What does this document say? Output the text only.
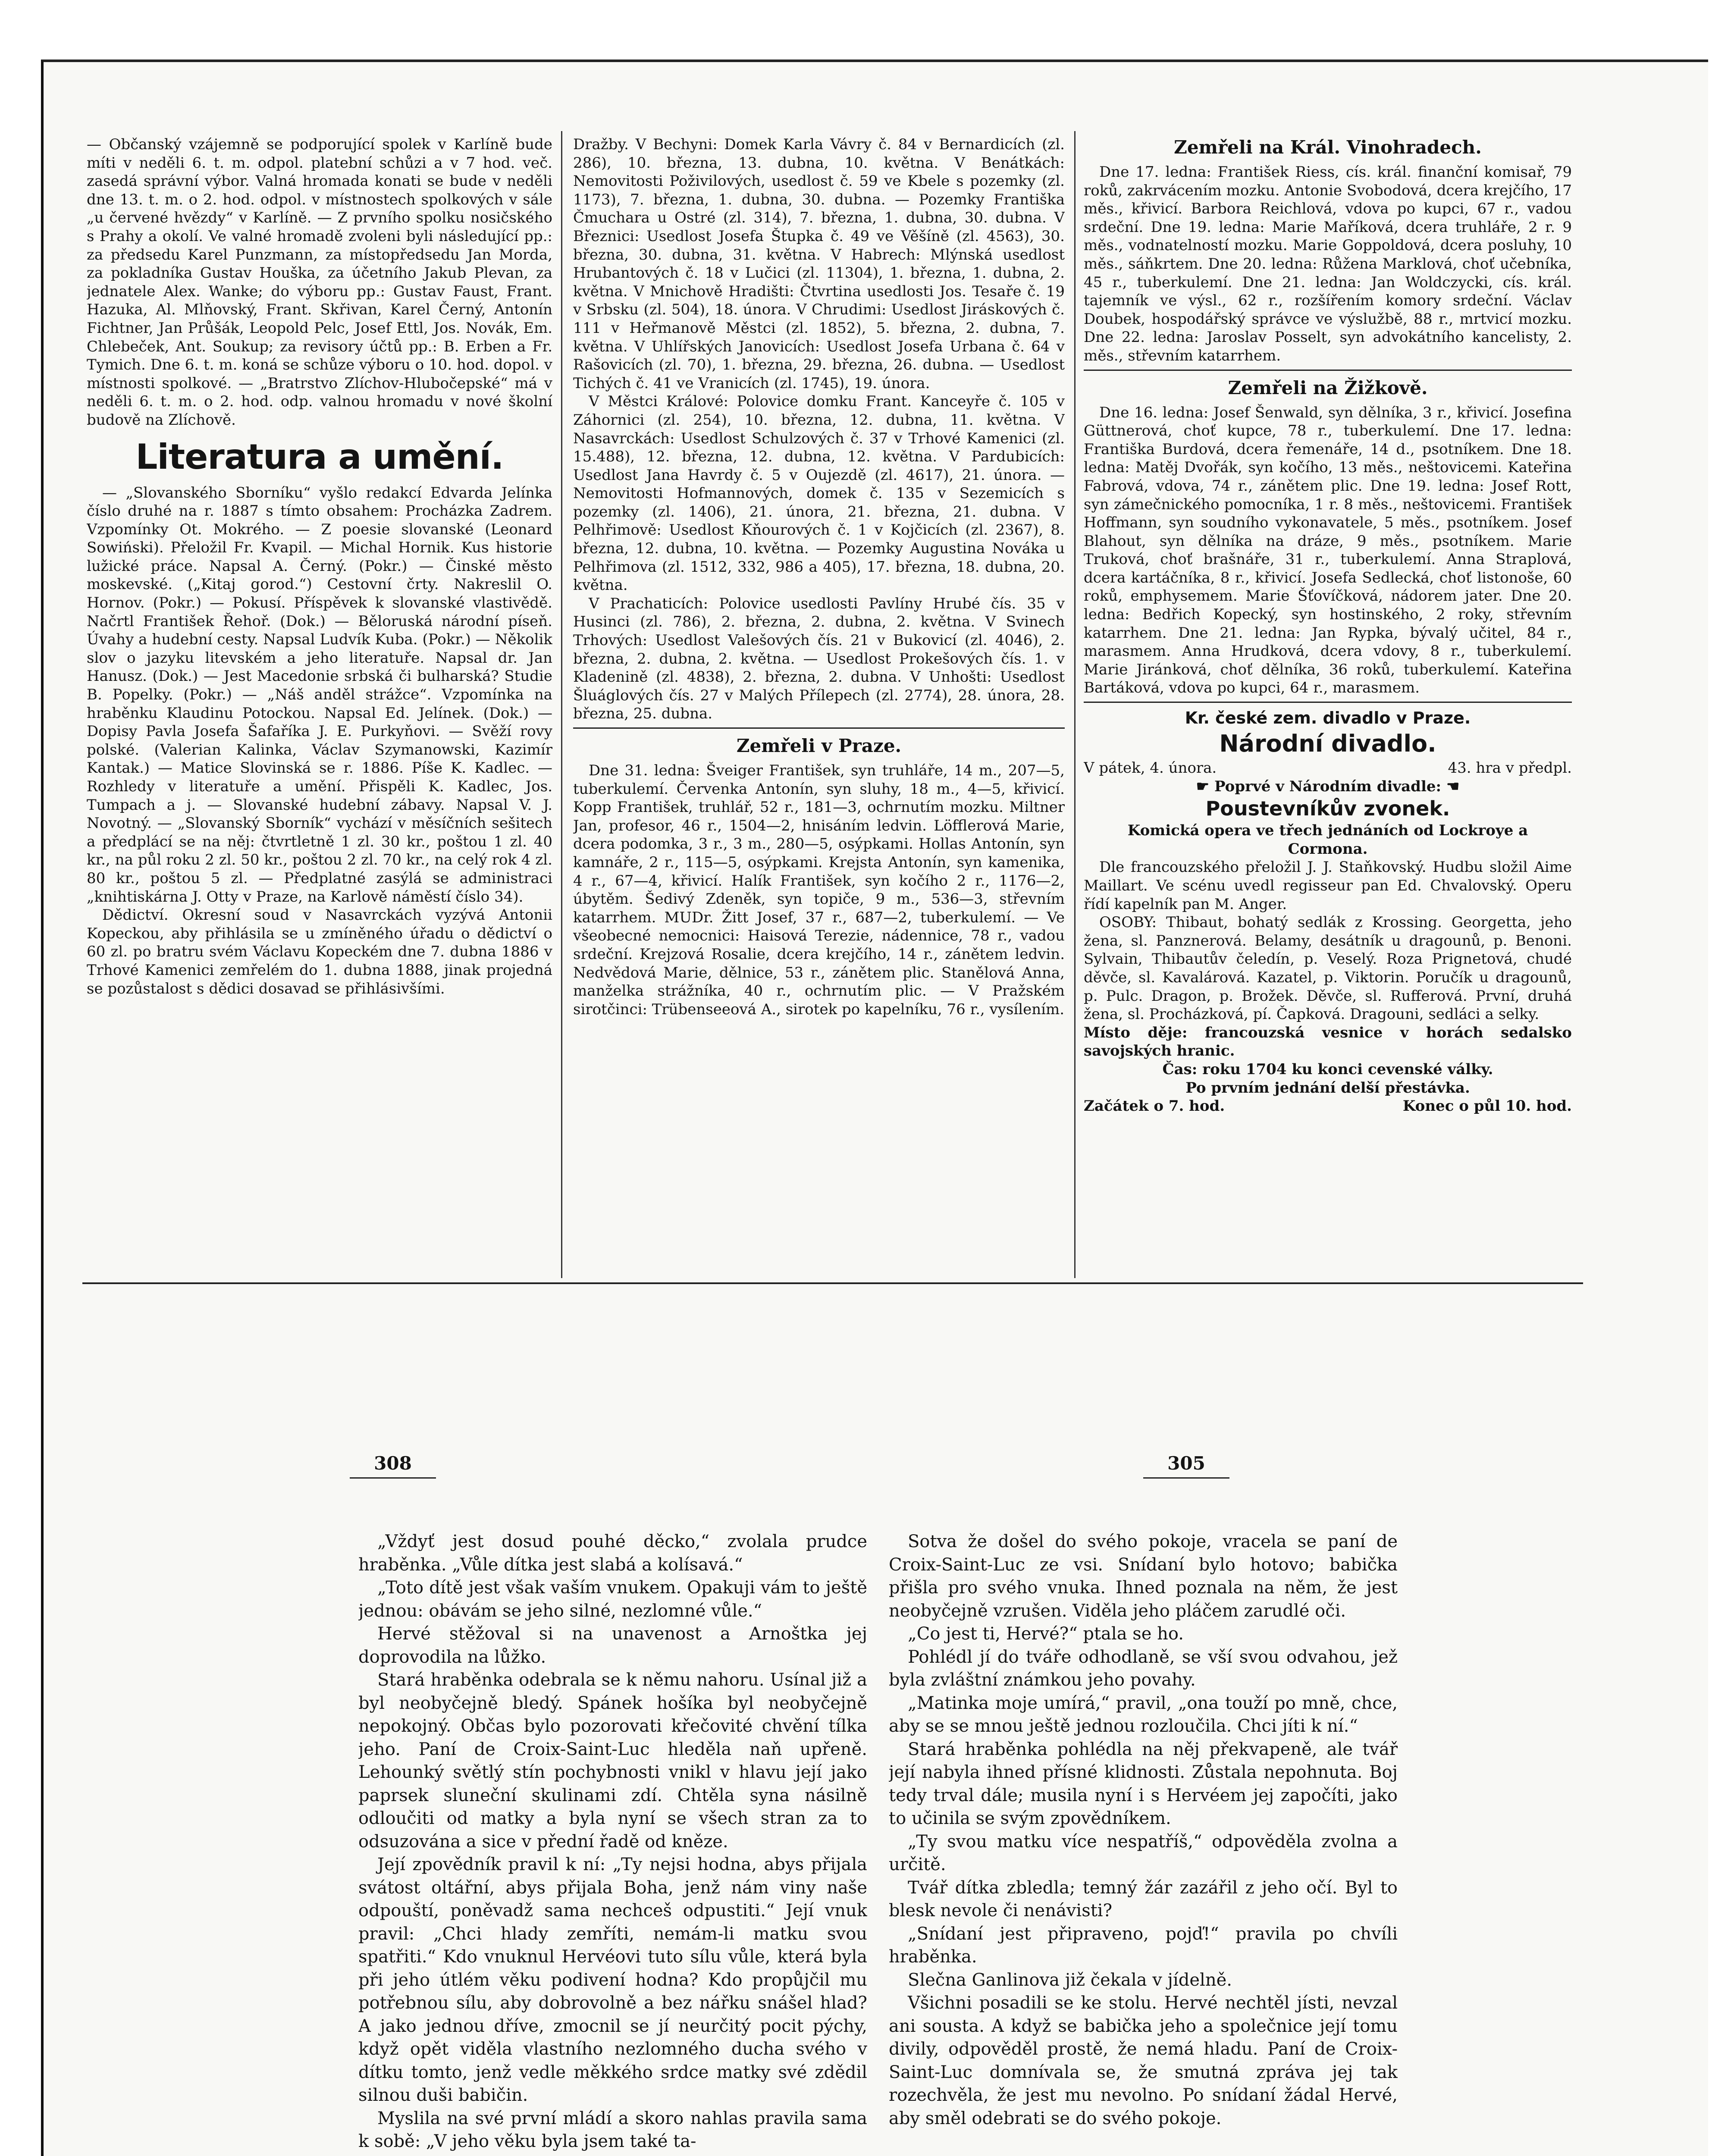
— Občanský vzájemně se podporující spolek v Karlíně bude míti v neděli 6. t. m. odpol. platební schůzi a v 7 hod. več. zasedá správní výbor. Valná hromada konati se bude v neděli dne 13. t. m. o 2. hod. odpol. v místnostech spolkových v sále „u červené hvězdy“ v Karlíně. — Z prvního spolku nosičského s Prahy a okolí. Ve valné hromadě zvoleni byli následující pp.: za předsedu Karel Punzmann, za místopředsedu Jan Morda, za pokladníka Gustav Houška, za účetního Jakub Plevan, za jednatele Alex. Wanke; do výboru pp.: Gustav Faust, Frant. Hazuka, Al. Mlňovský, Frant. Skřivan, Karel Černý, Antonín Fichtner, Jan Průšák, Leopold Pelc, Josef Ettl, Jos. Novák, Em. Chlebeček, Ant. Soukup; za revisory účtů pp.: B. Erben a Fr. Tymich. Dne 6. t. m. koná se schůze výboru o 10. hod. dopol. v místnosti spolkové. — „Bratrstvo Zlíchov-Hlubočepské“ má v neděli 6. t. m. o 2. hod. odp. valnou hromadu v nové školní budově na Zlíchově.

Literatura a umění.

— „Slovanského Sborníku“ vyšlo redakcí Edvarda Jelínka číslo druhé na r. 1887 s tímto obsahem: Procházka Zadrem. Vzpomínky Ot. Mokrého. — Z poesie slovanské (Leonard Sowiński). Přeložil Fr. Kvapil. — Michal Hornik. Kus historie lužické práce. Napsal A. Černý. (Pokr.) — Činské město moskevské. („Kitaj gorod.“) Cestovní črty. Nakreslil O. Hornov. (Pokr.) — Pokusí. Příspěvek k slovanské vlastivědě. Načrtl František Řehoř. (Dok.) — Běloruská národní píseň. Úvahy a hudební cesty. Napsal Ludvík Kuba. (Pokr.) — Několik slov o jazyku litevském a jeho literatuře. Napsal dr. Jan Hanusz. (Dok.) — Jest Macedonie srbská či bulharská? Studie B. Popelky. (Pokr.) — „Náš anděl strážce“. Vzpomínka na hraběnku Klaudinu Potockou. Napsal Ed. Jelínek. (Dok.) — Dopisy Pavla Josefa Šafaříka J. E. Purkyňovi. — Svěží rovy polské. (Valerian Kalinka, Václav Szymanowski, Kazimír Kantak.) — Matice Slovinská se r. 1886. Píše K. Kadlec. — Rozhledy v literatuře a umění. Přispěli K. Kadlec, Jos. Tumpach a j. — Slovanské hudební zábavy. Napsal V. J. Novotný. — „Slovanský Sborník“ vychází v měsíčních sešitech a předplácí se na něj: čtvrtletně 1 zl. 30 kr., poštou 1 zl. 40 kr., na půl roku 2 zl. 50 kr., poštou 2 zl. 70 kr., na celý rok 4 zl. 80 kr., poštou 5 zl. — Předplatné zasýlá se administraci „knihtiskárna J. Otty v Praze, na Karlově náměstí číslo 34).

Dědictví. Okresní soud v Nasavrckách vyzývá Antonii Kopeckou, aby přihlásila se u zmíněného úřadu o dědictví o 60 zl. po bratru svém Václavu Kopeckém dne 7. dubna 1886 v Trhové Kamenici zemřelém do 1. dubna 1888, jinak projedná se pozůstalost s dědici dosavad se přihlásivšími.

Dražby. V Bechyni: Domek Karla Vávry č. 84 v Bernardicích (zl. 286), 10. března, 13. dubna, 10. května. V Benátkách: Nemovitosti Poživilových, usedlost č. 59 ve Kbele s pozemky (zl. 1173), 7. března, 1. dubna, 30. dubna. — Pozemky Františka Čmuchara u Ostré (zl. 314), 7. března, 1. dubna, 30. dubna. V Březnici: Usedlost Josefa Štupka č. 49 ve Věšíně (zl. 4563), 30. března, 30. dubna, 31. května. V Habrech: Mlýnská usedlost Hrubantových č. 18 v Lučici (zl. 11304), 1. března, 1. dubna, 2. května. V Mnichově Hradišti: Čtvrtina usedlosti Jos. Tesaře č. 19 v Srbsku (zl. 504), 18. února. V Chrudimi: Usedlost Jiráskových č. 111 v Heřmanově Městci (zl. 1852), 5. března, 2. dubna, 7. května. V Uhlířských Janovicích: Usedlost Josefa Urbana č. 64 v Rašovicích (zl. 70), 1. března, 29. března, 26. dubna. — Usedlost Tichých č. 41 ve Vranicích (zl. 1745), 19. února.

V Městci Králové: Polovice domku Frant. Kanceyře č. 105 v Záhornici (zl. 254), 10. března, 12. dubna, 11. května. V Nasavrckách: Usedlost Schulzových č. 37 v Trhové Kamenici (zl. 15.488), 12. března, 12. dubna, 12. května. V Pardubicích: Usedlost Jana Havrdy č. 5 v Oujezdě (zl. 4617), 21. února. — Nemovitosti Hofmannových, domek č. 135 v Sezemicích s pozemky (zl. 1406), 21. února, 21. března, 21. dubna. V Pelhřimově: Usedlost Kňourových č. 1 v Kojčicích (zl. 2367), 8. března, 12. dubna, 10. května. — Pozemky Augustina Nováka u Pelhřimova (zl. 1512, 332, 986 a 405), 17. března, 18. dubna, 20. května.

V Prachaticích: Polovice usedlosti Pavlíny Hrubé čís. 35 v Husinci (zl. 786), 2. března, 2. dubna, 2. května. V Svinech Trhových: Usedlost Valešových čís. 21 v Bukovicí (zl. 4046), 2. března, 2. dubna, 2. května. — Usedlost Prokešových čís. 1. v Kladenině (zl. 4838), 2. března, 2. dubna. V Unhošti: Usedlost Šluáglových čís. 27 v Malých Přílepech (zl. 2774), 28. února, 28. března, 25. dubna.

Zemřeli v Praze.

Dne 31. ledna: Šveiger František, syn truhláře, 14 m., 207—5, tuberkulemí. Červenka Antonín, syn sluhy, 18 m., 4—5, křivicí. Kopp František, truhlář, 52 r., 181—3, ochrnutím mozku. Miltner Jan, profesor, 46 r., 1504—2, hnisáním ledvin. Löfflerová Marie, dcera podomka, 3 r., 3 m., 280—5, osýpkami. Hollas Antonín, syn kamnáře, 2 r., 115—5, osýpkami. Krejsta Antonín, syn kamenika, 4 r., 67—4, křivicí. Halík František, syn kočího 2 r., 1176—2, úbytěm. Šedivý Zdeněk, syn topiče, 9 m., 536—3, střevním katarrhem. MUDr. Žitt Josef, 37 r., 687—2, tuberkulemí. — Ve všeobecné nemocnici: Haisová Terezie, nádennice, 78 r., vadou srdeční. Krejzová Rosalie, dcera krejčího, 14 r., zánětem ledvin. Nedvědová Marie, dělnice, 53 r., zánětem plic. Stanělová Anna, manželka strážníka, 40 r., ochrnutím plic. — V Pražském sirotčinci: Trübenseeová A., sirotek po kapelníku, 76 r., vysílením.

Zemřeli na Král. Vinohradech.

Dne 17. ledna: František Riess, cís. král. finanční komisař, 79 roků, zakrvácením mozku. Antonie Svobodová, dcera krejčího, 17 měs., křivicí. Barbora Reichlová, vdova po kupci, 67 r., vadou srdeční. Dne 19. ledna: Marie Maříková, dcera truhláře, 2 r. 9 měs., vodnatelností mozku. Marie Goppoldová, dcera posluhy, 10 měs., sáňkrtem. Dne 20. ledna: Růžena Marklová, choť učebníka, 45 r., tuberkulemí. Dne 21. ledna: Jan Woldczycki, cís. král. tajemník ve výsl., 62 r., rozšířením komory srdeční. Václav Doubek, hospodářský správce ve výslužbě, 88 r., mrtvicí mozku. Dne 22. ledna: Jaroslav Posselt, syn advokátního kancelisty, 2. měs., střevním katarrhem.

Zemřeli na Žižkově.

Dne 16. ledna: Josef Šenwald, syn dělníka, 3 r., křivicí. Josefina Güttnerová, choť kupce, 78 r., tuberkulemí. Dne 17. ledna: Františka Burdová, dcera řemenáře, 14 d., psotníkem. Dne 18. ledna: Matěj Dvořák, syn kočího, 13 měs., neštovicemi. Kateřina Fabrová, vdova, 74 r., zánětem plic. Dne 19. ledna: Josef Rott, syn zámečnického pomocníka, 1 r. 8 měs., neštovicemi. František Hoffmann, syn soudního vykonavatele, 5 měs., psotníkem. Josef Blahout, syn dělníka na dráze, 9 měs., psotníkem. Marie Truková, choť brašnáře, 31 r., tuberkulemí. Anna Straplová, dcera kartáčníka, 8 r., křivicí. Josefa Sedlecká, choť listonoše, 60 roků, emphysemem. Marie Šťovíčková, nádorem jater. Dne 20. ledna: Bedřich Kopecký, syn hostinského, 2 roky, střevním katarrhem. Dne 21. ledna: Jan Rypka, bývalý učitel, 84 r., marasmem. Anna Hrudková, dcera vdovy, 8 r., tuberkulemí. Marie Jiránková, choť dělníka, 36 roků, tuberkulemí. Kateřina Bartáková, vdova po kupci, 64 r., marasmem.

Kr. české zem. divadlo v Praze.
Národní divadlo.
V pátek, 4. února.	43. hra v předpl.
☛ Poprvé v Národním divadle: ☚
Poustevníkův zvonek.
Komická opera ve třech jednáních od Lockroye a
Cormona.

Dle francouzského přeložil J. J. Staňkovský. Hudbu složil Aime Maillart. Ve scénu uvedl regisseur pan Ed. Chvalovský. Operu řídí kapelník pan M. Anger.

OSOBY: Thibaut, bohatý sedlák z Krossing. Georgetta, jeho žena, sl. Panznerová. Belamy, desátník u dragounů, p. Benoni. Sylvain, Thibautův čeledín, p. Veselý. Roza Prignetová, chudé děvče, sl. Kavalárová. Kazatel, p. Viktorin. Poručík u dragounů, p. Pulc. Dragon, p. Brožek. Děvče, sl. Rufferová. První, druhá žena, sl. Procházková, pí. Čapková. Dragouni, sedláci a selky.

Místo děje: francouzská vesnice v horách sedalsko savojských hranic.

Čas: roku 1704 ku konci cevenské války.
Po prvním jednání delší přestávka.
Začátek o 7. hod.	Konec o půl 10. hod.
308	305

„Vždyť jest dosud pouhé děcko,“ zvolala prudce hraběnka. „Vůle dítka jest slabá a kolísavá.“

„Toto dítě jest však vaším vnukem. Opakuji vám to ještě jednou: obávám se jeho silné, nezlomné vůle.“

Hervé stěžoval si na unavenost a Arnoštka jej doprovodila na lůžko.

Stará hraběnka odebrala se k němu nahoru. Usínal již a byl neobyčejně bledý. Spánek hošíka byl neobyčejně nepokojný. Občas bylo pozorovati křečovité chvění tílka jeho. Paní de Croix-Saint-Luc hleděla naň upřeně. Lehounký světlý stín pochybnosti vnikl v hlavu její jako paprsek sluneční skulinami zdí. Chtěla syna násilně odloučiti od matky a byla nyní se všech stran za to odsuzována a sice v přední řadě od kněze.

Její zpovědník pravil k ní: „Ty nejsi hodna, abys přijala svátost oltářní, abys přijala Boha, jenž nám viny naše odpouští, poněvadž sama nechceš odpustiti.“ Její vnuk pravil: „Chci hlady zemříti, nemám-li matku svou spatřiti.“ Kdo vnuknul Hervéovi tuto sílu vůle, která byla při jeho útlém věku podivení hodna? Kdo propůjčil mu potřebnou sílu, aby dobrovolně a bez nářku snášel hlad? A jako jednou dříve, zmocnil se jí neurčitý pocit pýchy, když opět viděla vlastního nezlomného ducha svého v dítku tomto, jenž vedle měkkého srdce matky své zdědil silnou duši babičin.

Myslila na své první mládí a skoro nahlas pravila sama k sobě: „V jeho věku byla jsem také ta-

Sotva že došel do svého pokoje, vracela se paní de Croix-Saint-Luc ze vsi. Snídaní bylo hotovo; babička přišla pro svého vnuka. Ihned poznala na něm, že jest neobyčejně vzrušen. Viděla jeho pláčem zarudlé oči.

„Co jest ti, Hervé?“ ptala se ho.

Pohlédl jí do tváře odhodlaně, se vší svou odvahou, jež byla zvláštní známkou jeho povahy.

„Matinka moje umírá,“ pravil, „ona touží po mně, chce, aby se se mnou ještě jednou rozloučila. Chci jíti k ní.“

Stará hraběnka pohlédla na něj překvapeně, ale tvář její nabyla ihned přísné klidnosti. Zůstala nepohnuta. Boj tedy trval dále; musila nyní i s Hervéem jej započíti, jako to učinila se svým zpovědníkem.

„Ty svou matku více nespatříš,“ odpověděla zvolna a určitě.

Tvář dítka zbledla; temný žár zazářil z jeho očí. Byl to blesk nevole či nenávisti?

„Snídaní jest připraveno, pojď!“ pravila po chvíli hraběnka.

Slečna Ganlinova již čekala v jídelně.

Všichni posadili se ke stolu. Hervé nechtěl jísti, nevzal ani sousta. A když se babička jeho a společnice její tomu divily, odpověděl prostě, že nemá hladu. Paní de Croix-Saint-Luc domnívala se, že smutná zpráva jej tak rozechvěla, že jest mu nevolno. Po snídaní žádal Hervé, aby směl odebrati se do svého pokoje.
